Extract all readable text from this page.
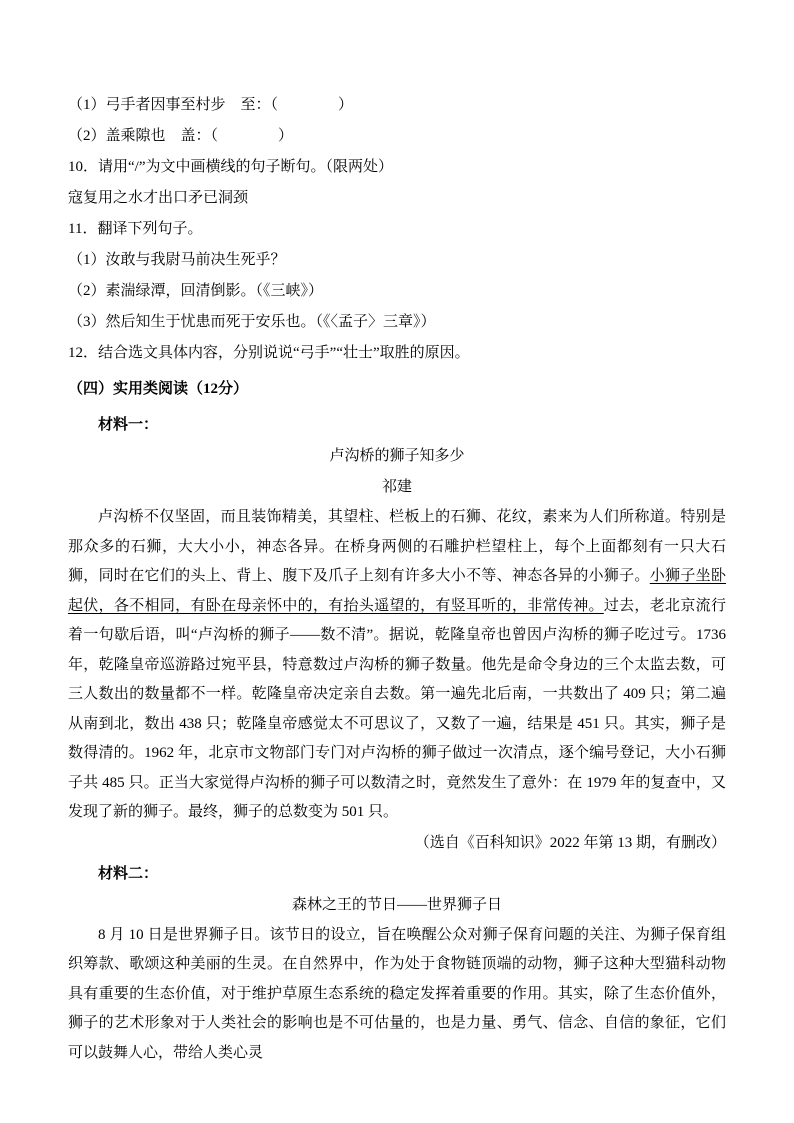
（1）弓手者因事至村步　至：（　　　　）

（2）盖乘隙也　盖：（　　　　）

10．请用“/”为文中画横线的句子断句。（限两处）

寇复用之水才出口矛已洞颈

11．翻译下列句子。

（1）汝敢与我尉马前决生死乎？

（2）素湍绿潭，回清倒影。（《三峡》）

（3）然后知生于忧患而死于安乐也。（《〈孟子〉三章》）

12．结合选文具体内容，分别说说“弓手”“壮士”取胜的原因。

（四）实用类阅读（12分）

材料一：

卢沟桥的狮子知多少

祁建

卢沟桥不仅坚固，而且装饰精美，其望柱、栏板上的石狮、花纹，素来为人们所称道。特别是那众多的石狮，大大小小，神态各异。在桥身两侧的石雕护栏望柱上，每个上面都刻有一只大石狮，同时在它们的头上、背上、腹下及爪子上刻有许多大小不等、神态各异的小狮子。小狮子坐卧起伏，各不相同，有卧在母亲怀中的，有抬头遥望的，有竖耳听的，非常传神。过去，老北京流行着一句歇后语，叫“卢沟桥的狮子——数不清”。据说，乾隆皇帝也曾因卢沟桥的狮子吃过亏。1736 年，乾隆皇帝巡游路过宛平县，特意数过卢沟桥的狮子数量。他先是命令身边的三个太监去数，可三人数出的数量都不一样。乾隆皇帝决定亲自去数。第一遍先北后南，一共数出了 409 只；第二遍从南到北，数出 438 只；乾隆皇帝感觉太不可思议了，又数了一遍，结果是 451 只。其实，狮子是数得清的。1962 年，北京市文物部门专门对卢沟桥的狮子做过一次清点，逐个编号登记，大小石狮子共 485 只。正当大家觉得卢沟桥的狮子可以数清之时，竟然发生了意外：在 1979 年的复查中，又发现了新的狮子。最终，狮子的总数变为 501 只。

（选自《百科知识》2022 年第 13 期，有删改）

材料二：

森林之王的节日——世界狮子日

8 月 10 日是世界狮子日。该节日的设立，旨在唤醒公众对狮子保育问题的关注、为狮子保育组织筹款、歌颂这种美丽的生灵。在自然界中，作为处于食物链顶端的动物，狮子这种大型猫科动物具有重要的生态价值，对于维护草原生态系统的稳定发挥着重要的作用。其实，除了生态价值外，狮子的艺术形象对于人类社会的影响也是不可估量的，也是力量、勇气、信念、自信的象征，它们可以鼓舞人心，带给人类心灵
